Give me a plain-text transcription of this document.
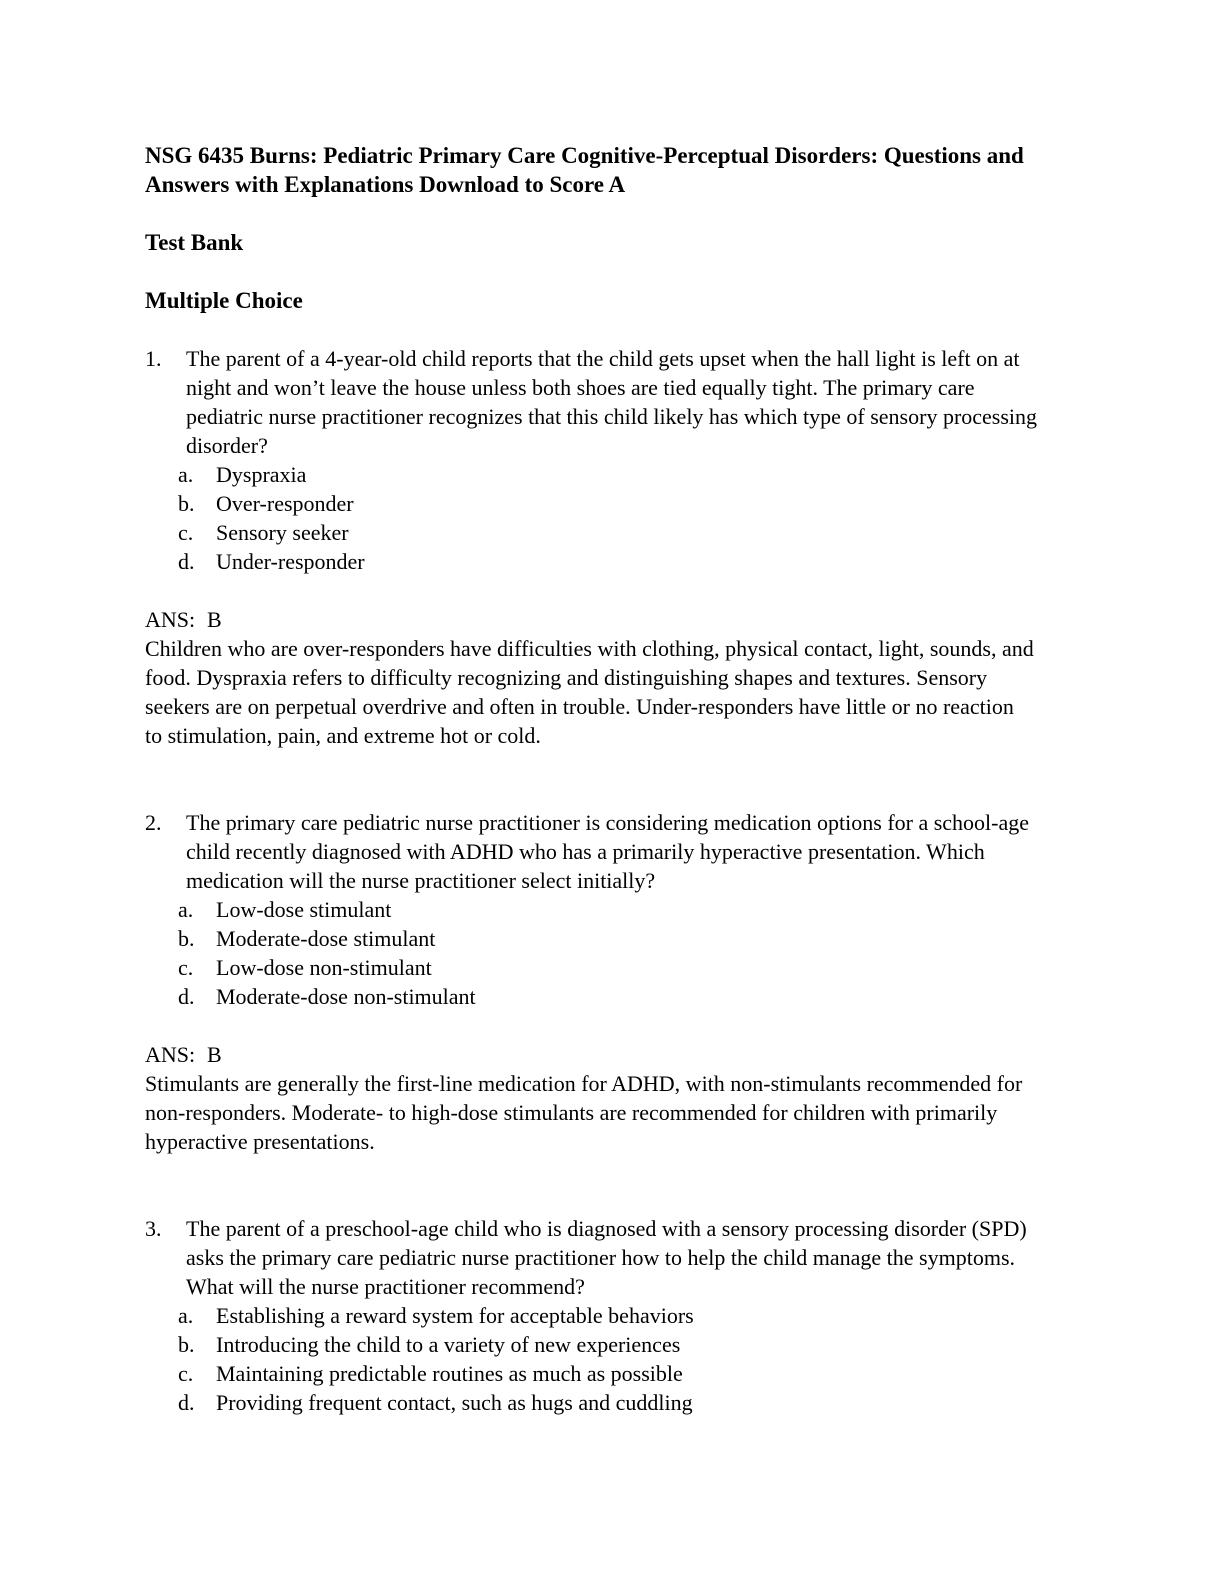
NSG 6435 Burns: Pediatric Primary Care Cognitive-Perceptual Disorders: Questions and
Answers with Explanations Download to Score A
Test Bank
Multiple Choice
1.	The parent of a 4-year-old child reports that the child gets upset when the hall light is left on at
night and won’t leave the house unless both shoes are tied equally tight. The primary care
pediatric nurse practitioner recognizes that this child likely has which type of sensory processing
disorder?
a.	Dyspraxia
b. Over-responder
c.	Sensory seeker
d. Under-responder
ANS: B
Children who are over-responders have difficulties with clothing, physical contact, light, sounds, and
food. Dyspraxia refers to difficulty recognizing and distinguishing shapes and textures. Sensory
seekers are on perpetual overdrive and often in trouble. Under-responders have little or no reaction
to stimulation, pain, and extreme hot or cold.
2.	The primary care pediatric nurse practitioner is considering medication options for a school-age
child recently diagnosed with ADHD who has a primarily hyperactive presentation. Which
medication will the nurse practitioner select initially?
a.	Low-dose stimulant
b. Moderate-dose stimulant
c.	Low-dose non-stimulant
d. Moderate-dose non-stimulant
ANS: B
Stimulants are generally the first-line medication for ADHD, with non-stimulants recommended for
non-responders. Moderate- to high-dose stimulants are recommended for children with primarily
hyperactive presentations.
3.	The parent of a preschool-age child who is diagnosed with a sensory processing disorder (SPD)
asks the primary care pediatric nurse practitioner how to help the child manage the symptoms.
What will the nurse practitioner recommend?
a.	Establishing a reward system for acceptable behaviors
b. Introducing the child to a variety of new experiences
c.	Maintaining predictable routines as much as possible
d. Providing frequent contact, such as hugs and cuddling
